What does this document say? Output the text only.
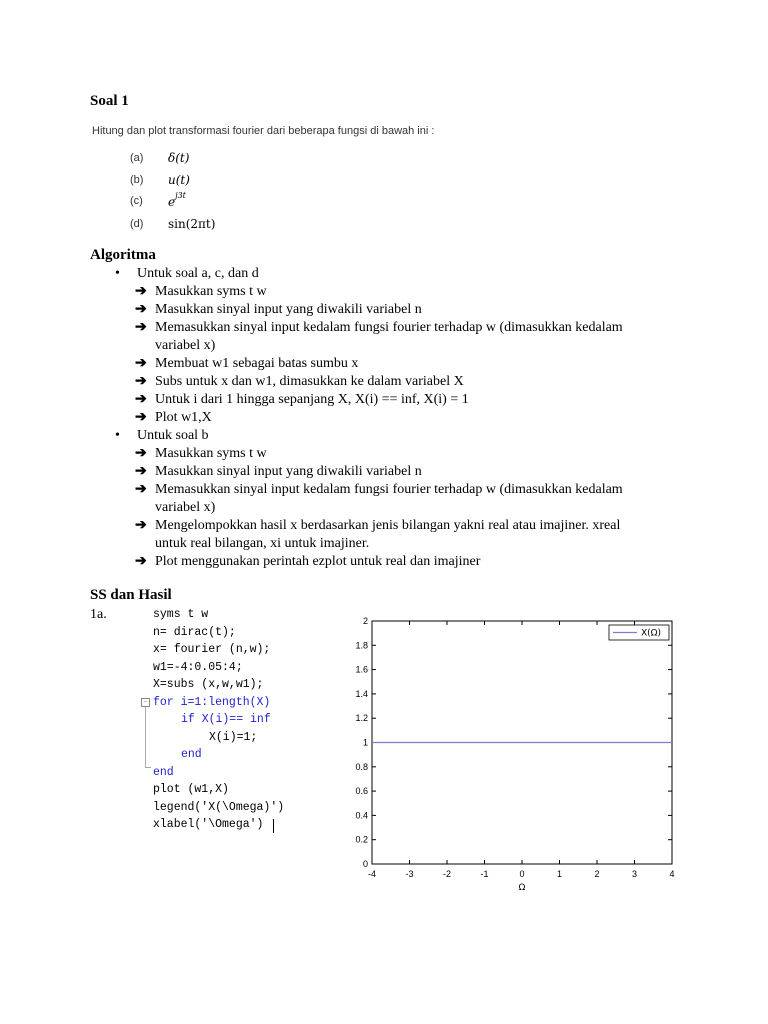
Soal 1
Hitung dan plot transformasi fourier dari beberapa fungsi di bawah ini :
(a) δ(t)
(b) u(t)
(c) $e^{j3t}$
(d) sin(2πt)
Algoritma
• Untuk soal a, c, dan d
➔ Masukkan syms t w
➔ Masukkan sinyal input yang diwakili variabel n
➔ Memasukkan sinyal input kedalam fungsi fourier terhadap w (dimasukkan kedalam
variabel x)
➔ Membuat w1 sebagai batas sumbu x
➔ Subs untuk x dan w1, dimasukkan ke dalam variabel X
➔ Untuk i dari 1 hingga sepanjang X, X(i) == inf, X(i) = 1
➔ Plot w1,X
• Untuk soal b
➔ Masukkan syms t w
➔ Masukkan sinyal input yang diwakili variabel n
➔ Memasukkan sinyal input kedalam fungsi fourier terhadap w (dimasukkan kedalam
variabel x)
➔ Mengelompokkan hasil x berdasarkan jenis bilangan yakni real atau imajiner. xreal
untuk real bilangan, xi untuk imajiner.
➔ Plot menggunakan perintah ezplot untuk real dan imajiner
SS dan Hasil
1a.	syms t w
n= dirac(t);
x= fourier (n,w);
w1=-4:0.05:4;
X=subs (x,w,w1);
for i=1:length(X)
if X(i)== inf
X(i)=1;
end
end
plot (w1,X)
legend('X(\Omega)')
xlabel('\Omega')
−
-4	-3	-2	-1	0	1	2	3	4
0
0.2
0.4
0.6
0.8
1
1.2
1.4
1.6
1.8
2
Ω
X(Ω)
